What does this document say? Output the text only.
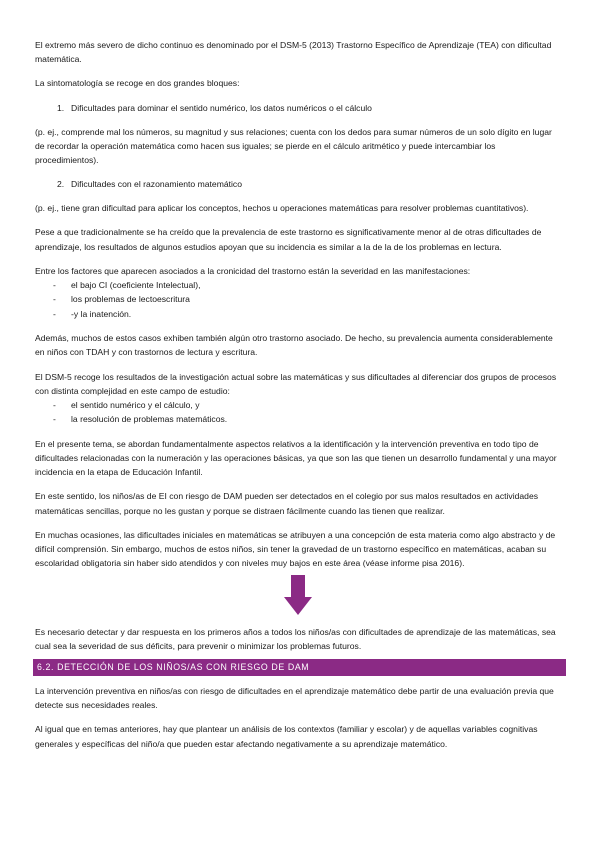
El extremo más severo de dicho continuo es denominado por el DSM-5 (2013) Trastorno Específico de Aprendizaje (TEA) con dificultad matemática.

La sintomatología se recoge en dos grandes bloques:

1. Dificultades para dominar el sentido numérico, los datos numéricos o el cálculo

(p. ej., comprende mal los números, su magnitud y sus relaciones; cuenta con los dedos para sumar números de un solo dígito en lugar de recordar la operación matemática como hacen sus iguales; se pierde en el cálculo aritmético y puede intercambiar los procedimientos).

2. Dificultades con el razonamiento matemático

(p. ej., tiene gran dificultad para aplicar los conceptos, hechos u operaciones matemáticas para resolver problemas cuantitativos).

Pese a que tradicionalmente se ha creído que la prevalencia de este trastorno es significativamente menor al de otras dificultades de aprendizaje, los resultados de algunos estudios apoyan que su incidencia es similar a la de la de los problemas en lectura.

Entre los factores que aparecen asociados a la cronicidad del trastorno están la severidad en las manifestaciones:

-	el bajo CI (coeficiente Intelectual),
-	los problemas de lectoescritura
-	-y la inatención.

Además, muchos de estos casos exhiben también algún otro trastorno asociado. De hecho, su prevalencia aumenta considerablemente en niños con TDAH y con trastornos de lectura y escritura.

El DSM-5 recoge los resultados de la investigación actual sobre las matemáticas y sus dificultades al diferenciar dos grupos de procesos con distinta complejidad en este campo de estudio:

-	el sentido numérico y el cálculo, y
-	la resolución de problemas matemáticos.

En el presente tema, se abordan fundamentalmente aspectos relativos a la identificación y la intervención preventiva en todo tipo de dificultades relacionadas con la numeración y las operaciones básicas, ya que son las que tienen un desarrollo fundamental y una mayor incidencia en la etapa de Educación Infantil.

En este sentido, los niños/as de EI con riesgo de DAM pueden ser detectados en el colegio por sus malos resultados en actividades matemáticas sencillas, porque no les gustan y porque se distraen fácilmente cuando las tienen que realizar.

En muchas ocasiones, las dificultades iniciales en matemáticas se atribuyen a una concepción de esta materia como algo abstracto y de difícil comprensión. Sin embargo, muchos de estos niños, sin tener la gravedad de un trastorno específico en matemáticas, acaban su escolaridad obligatoria sin haber sido atendidos y con niveles muy bajos en este área (véase informe pisa 2016).

Es necesario detectar y dar respuesta en los primeros años a todos los niños/as con dificultades de aprendizaje de las matemáticas, sea cual sea la severidad de sus déficits, para prevenir o minimizar los problemas futuros.

6.2. DETECCIÓN DE LOS NIÑOS/AS CON RIESGO DE DAM

La intervención preventiva en niños/as con riesgo de dificultades en el aprendizaje matemático debe partir de una evaluación previa que detecte sus necesidades reales.

Al igual que en temas anteriores, hay que plantear un análisis de los contextos (familiar y escolar) y de aquellas variables cognitivas generales y específicas del niño/a que pueden estar afectando negativamente a su aprendizaje matemático.
